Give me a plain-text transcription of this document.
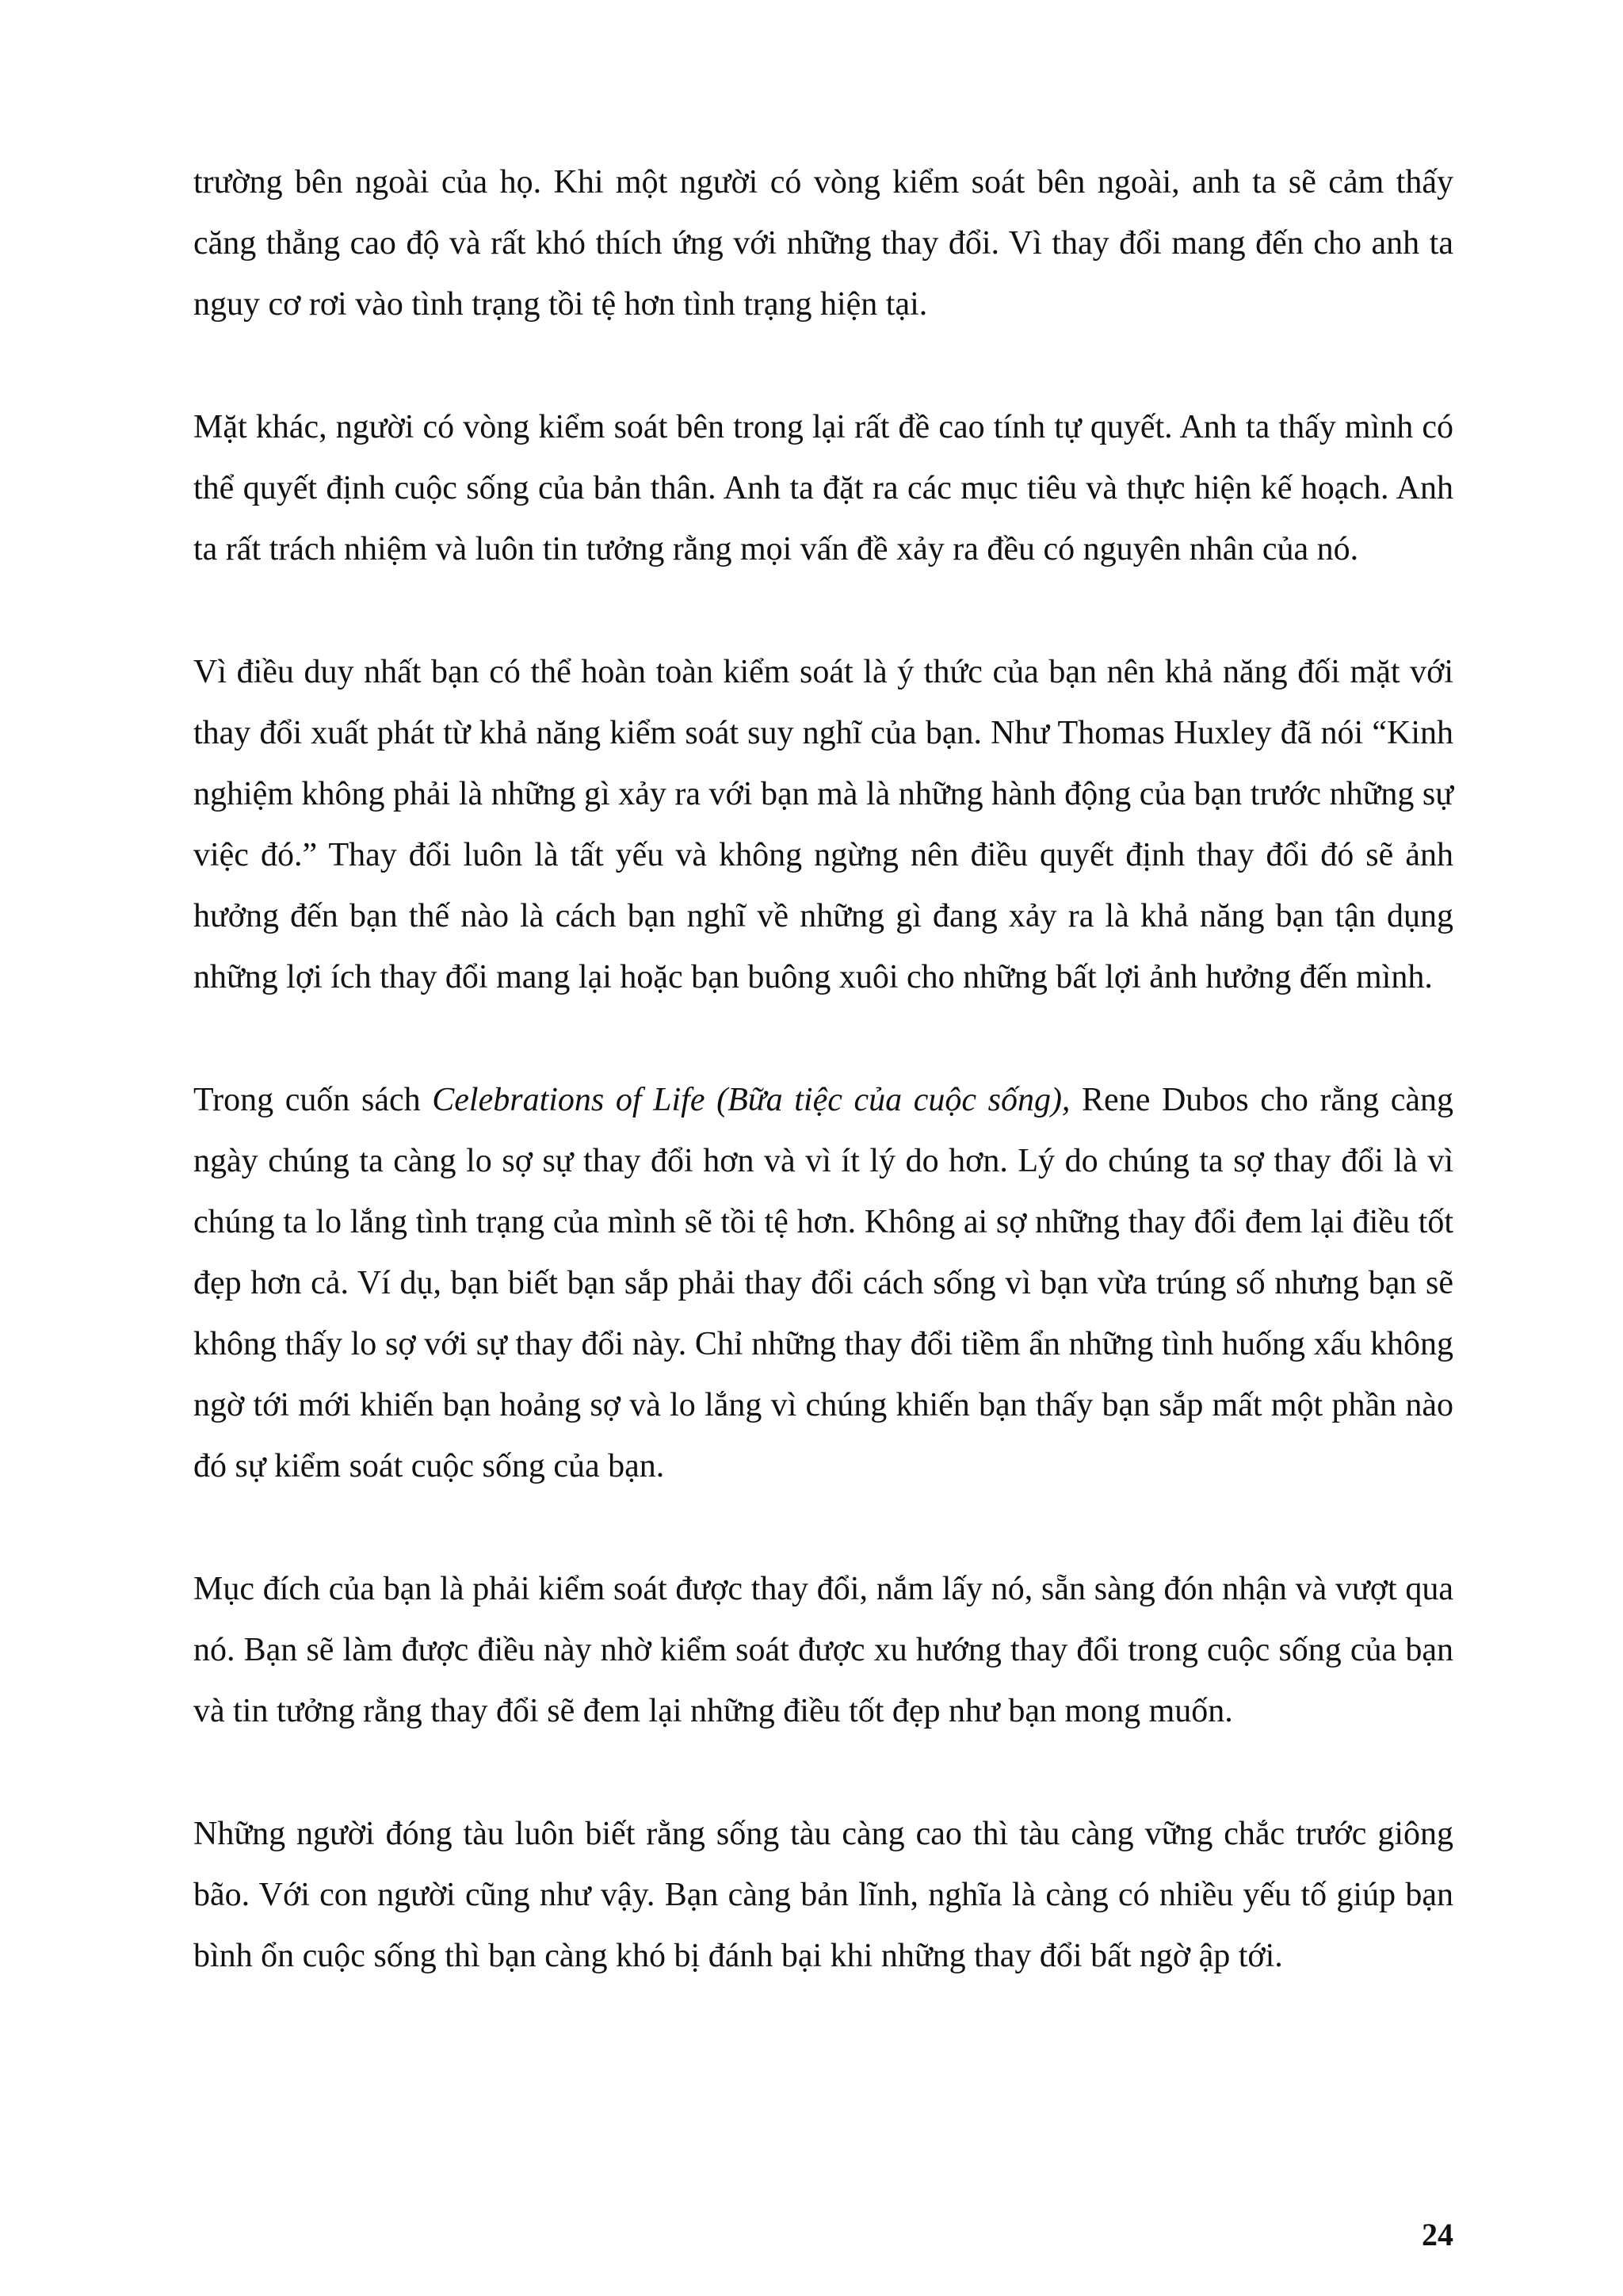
trường bên ngoài của họ. Khi một người có vòng kiểm soát bên ngoài, anh ta sẽ cảm thấy căng thẳng cao độ và rất khó thích ứng với những thay đổi. Vì thay đổi mang đến cho anh ta nguy cơ rơi vào tình trạng tồi tệ hơn tình trạng hiện tại.

Mặt khác, người có vòng kiểm soát bên trong lại rất đề cao tính tự quyết. Anh ta thấy mình có thể quyết định cuộc sống của bản thân. Anh ta đặt ra các mục tiêu và thực hiện kế hoạch. Anh ta rất trách nhiệm và luôn tin tưởng rằng mọi vấn đề xảy ra đều có nguyên nhân của nó.

Vì điều duy nhất bạn có thể hoàn toàn kiểm soát là ý thức của bạn nên khả năng đối mặt với thay đổi xuất phát từ khả năng kiểm soát suy nghĩ của bạn. Như Thomas Huxley đã nói “Kinh nghiệm không phải là những gì xảy ra với bạn mà là những hành động của bạn trước những sự việc đó.” Thay đổi luôn là tất yếu và không ngừng nên điều quyết định thay đổi đó sẽ ảnh hưởng đến bạn thế nào là cách bạn nghĩ về những gì đang xảy ra là khả năng bạn tận dụng những lợi ích thay đổi mang lại hoặc bạn buông xuôi cho những bất lợi ảnh hưởng đến mình.

Trong cuốn sách Celebrations of Life (Bữa tiệc của cuộc sống), Rene Dubos cho rằng càng ngày chúng ta càng lo sợ sự thay đổi hơn và vì ít lý do hơn. Lý do chúng ta sợ thay đổi là vì chúng ta lo lắng tình trạng của mình sẽ tồi tệ hơn. Không ai sợ những thay đổi đem lại điều tốt đẹp hơn cả. Ví dụ, bạn biết bạn sắp phải thay đổi cách sống vì bạn vừa trúng số nhưng bạn sẽ không thấy lo sợ với sự thay đổi này. Chỉ những thay đổi tiềm ẩn những tình huống xấu không ngờ tới mới khiến bạn hoảng sợ và lo lắng vì chúng khiến bạn thấy bạn sắp mất một phần nào đó sự kiểm soát cuộc sống của bạn.

Mục đích của bạn là phải kiểm soát được thay đổi, nắm lấy nó, sẵn sàng đón nhận và vượt qua nó. Bạn sẽ làm được điều này nhờ kiểm soát được xu hướng thay đổi trong cuộc sống của bạn và tin tưởng rằng thay đổi sẽ đem lại những điều tốt đẹp như bạn mong muốn.

Những người đóng tàu luôn biết rằng sống tàu càng cao thì tàu càng vững chắc trước giông bão. Với con người cũng như vậy. Bạn càng bản lĩnh, nghĩa là càng có nhiều yếu tố giúp bạn bình ổn cuộc sống thì bạn càng khó bị đánh bại khi những thay đổi bất ngờ ập tới.

24
